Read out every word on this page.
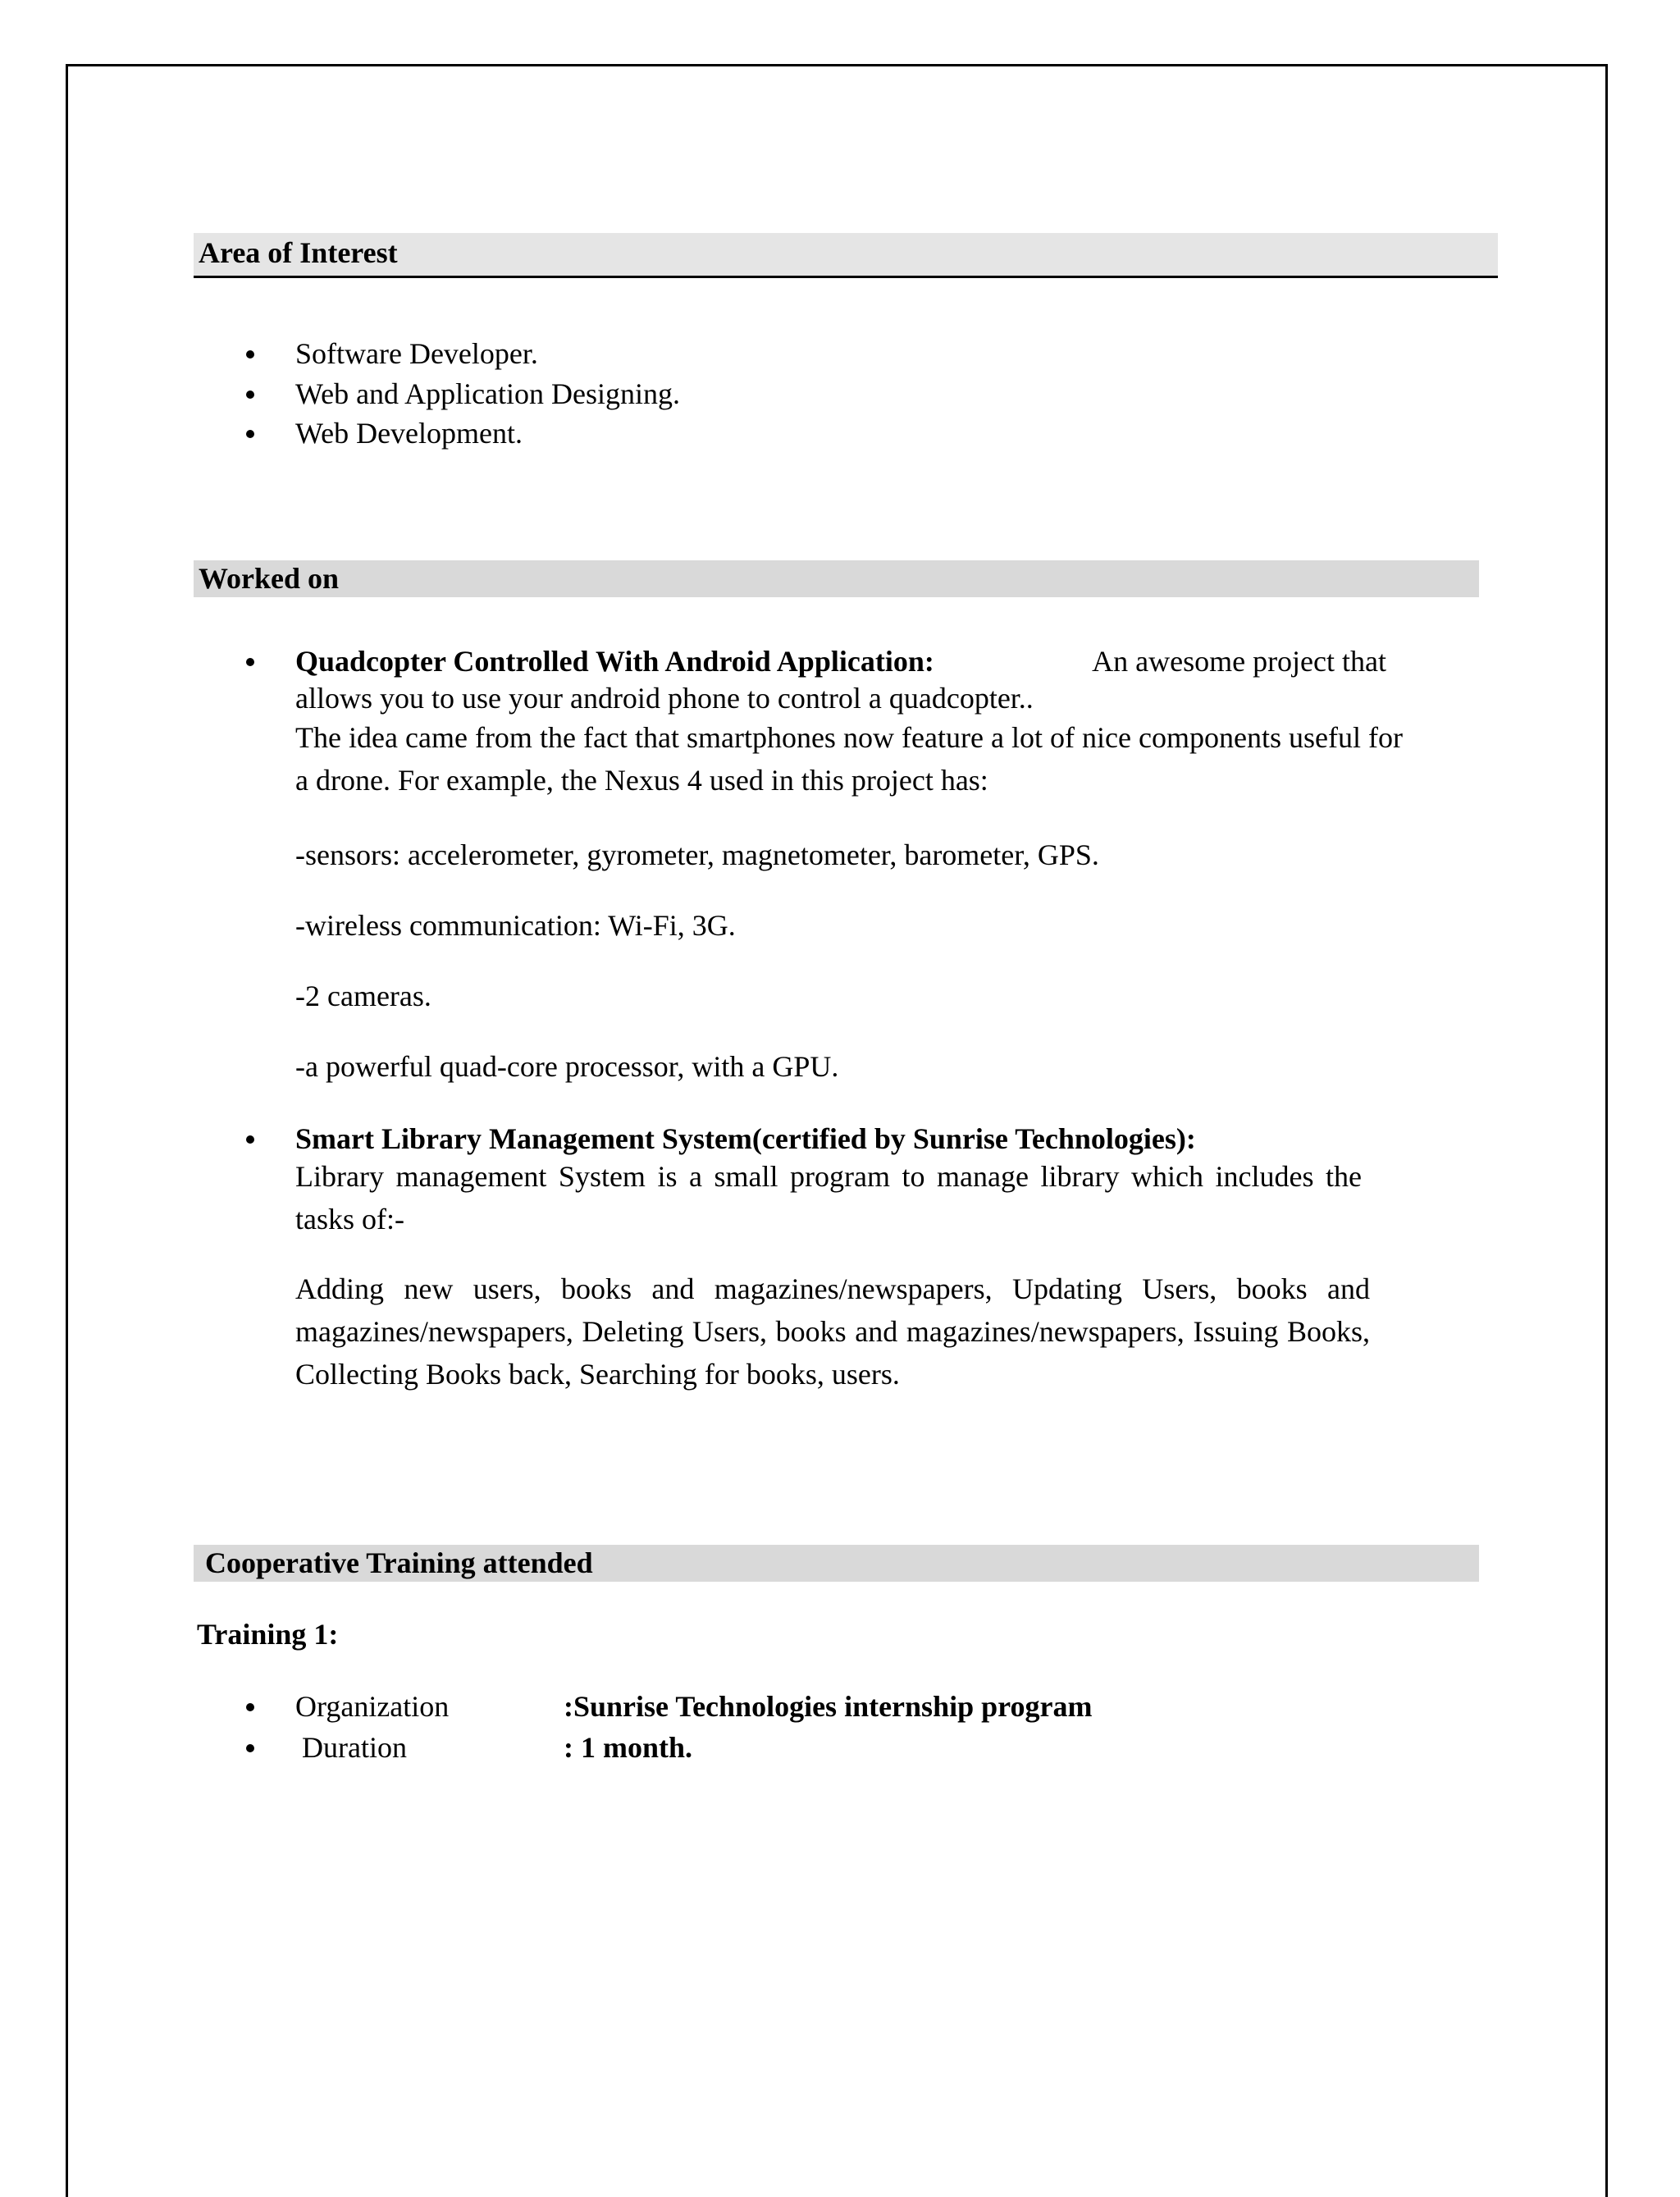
Area of Interest
Software Developer.
Web and Application Designing.
Web Development.
Worked on
Quadcopter Controlled With Android Application:	An awesome project that
allows you to use your android phone to control a quadcopter..
The idea came from the fact that smartphones now feature a lot of nice components useful for a drone. For example, the Nexus 4 used in this project has:
-sensors: accelerometer, gyrometer, magnetometer, barometer, GPS.
-wireless communication: Wi-Fi, 3G.
-2 cameras.
-a powerful quad-core processor, with a GPU.
Smart Library Management System(certified by Sunrise Technologies):
Library management System is a small program to manage library which includes the tasks of:-
Adding new users, books and magazines/newspapers, Updating Users, books and magazines/newspapers, Deleting Users, books and magazines/newspapers, Issuing Books, Collecting Books back, Searching for books, users.
Cooperative Training attended
Training 1:
Organization	:Sunrise Technologies internship program
Duration	: 1 month.
